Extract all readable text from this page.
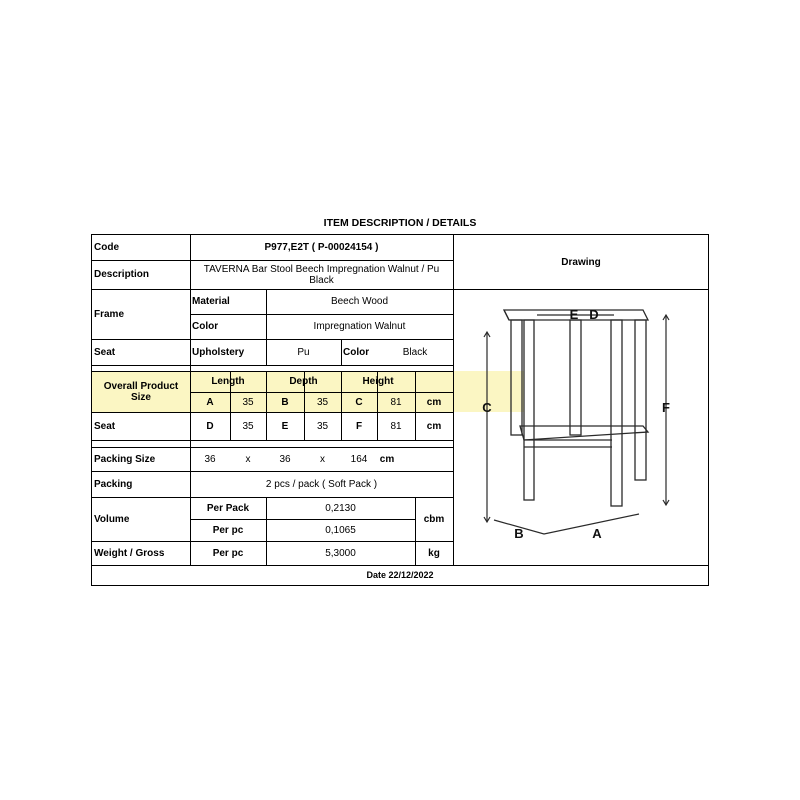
ITEM DESCRIPTION / DETAILS
Code	P977,E2T ( P-00024154 )
Description	TAVERNA Bar Stool Beech Impregnation Walnut / Pu Black
Frame
Material	Beech Wood
Color	Impregnation Walnut
Seat	Upholstery	Pu	Color	Black
Overall Product Size
Length	Depth	Height
A	35	B	35	C	81	cm
Seat	D	35	E	35	F	81	cm
Packing Size	36	x	36	x	164	cm
Packing	2 pcs / pack ( Soft Pack )
Volume
Per Pack	0,2130
Per pc	0,1065
cbm
Weight / Gross	Per pc	5,3000	kg
Date 22/12/2022
Drawing
E D
C	F
B	A
